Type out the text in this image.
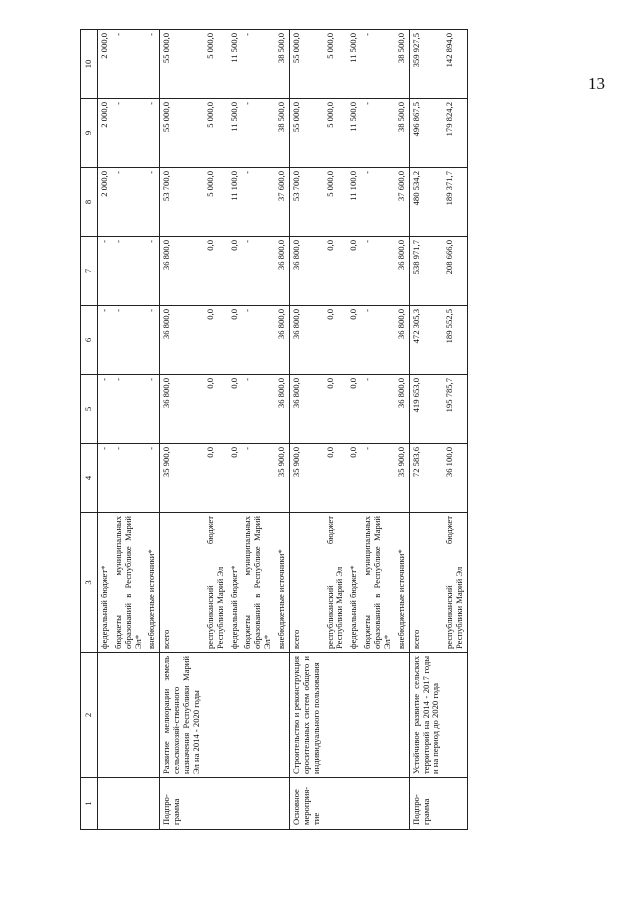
13
1	2	3	4	5	6	7	8	9	10
		федеральный бюджет*	-	-	-	-	2 000,0	2 000,0	2 000,0
		бюджеты муниципальных образований в Республике Марий Эл*	-	-	-	-	-	-	-
		внебюджетные источники*	-	-	-	-	-	-	-
Подпро-грамма	Развитие мелиорации земель сельскохозяй-ственного назначения Республики Марий Эл на 2014 - 2020 годы	всего	35 900,0	36 800,0	36 800,0	36 800,0	53 700,0	55 000,0	55 000,0
		республиканский бюджет Республики Марий Эл	0,0	0,0	0,0	0,0	5 000,0	5 000,0	5 000,0
		федеральный бюджет*	0,0	0,0	0,0	0,0	11 100,0	11 500,0	11 500,0
		бюджеты муниципальных образований в Республике Марий Эл*	-	-	-	-	-	-	-
		внебюджетные источники*	35 900,0	36 800,0	36 800,0	36 800,0	37 600,0	38 500,0	38 500,0
Основное мероприя-тие	Строительство и реконструкция оросительных систем общего и индивидуального пользования	всего	35 900,0	36 800,0	36 800,0	36 800,0	53 700,0	55 000,0	55 000,0
		республиканский бюджет Республики Марий Эл	0,0	0,0	0,0	0,0	5 000,0	5 000,0	5 000,0
		федеральный бюджет*	0,0	0,0	0,0	0,0	11 100,0	11 500,0	11 500,0
		бюджеты муниципальных образований в Республике Марий Эл*	-	-	-	-	-	-	-
		внебюджетные источники*	35 900,0	36 800,0	36 800,0	36 800,0	37 600,0	38 500,0	38 500,0
Подпро-грамма	Устойчивое развитие сельских территорий на 2014 - 2017 годы и на период до 2020 года	всего	72 583,6	419 653,0	472 305,3	538 971,7	480 534,2	496 867,5	359 927,5
		республиканский бюджет Республики Марий Эл	36 100,0	195 785,7	189 552,5	208 666,0	189 371,7	179 824,2	142 894,0
